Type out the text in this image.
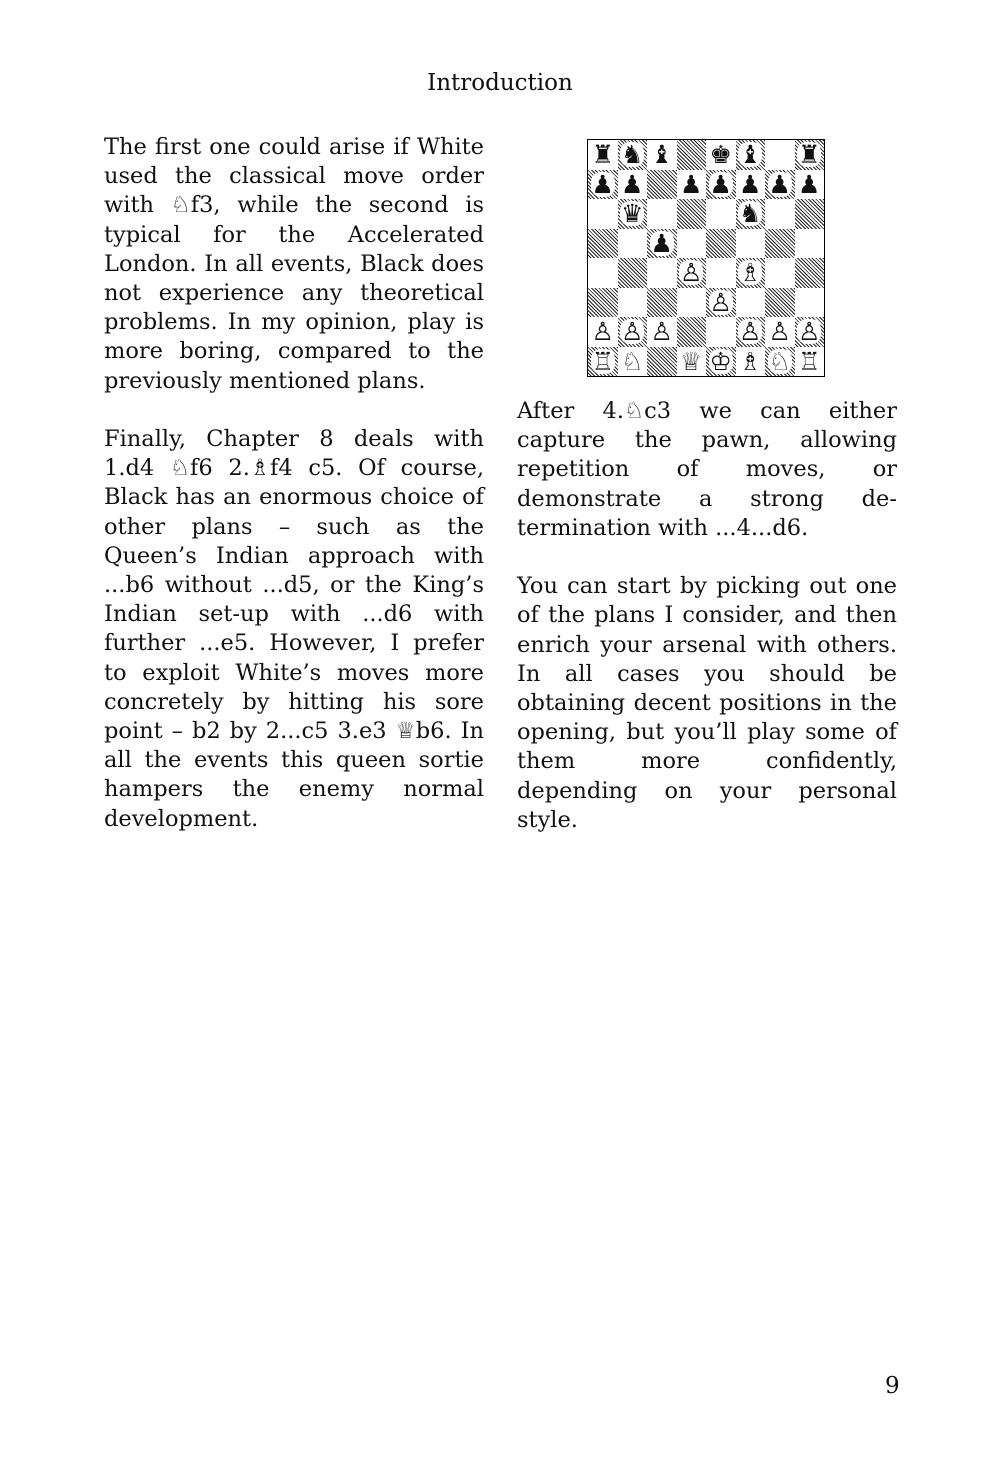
Introduction

The first one could arise if White used the classical move order with ♘f3, while the second is typical for the Accelerated London. In all events, Black does not experience any theoretical problems. In my opinion, play is more boring, compared to the previously mentioned plans.

Finally, Chapter 8 deals with 1.d4 ♘f6 2.♗f4 c5. Of course, Black has an enormous choice of other plans – such as the Queen’s Indian approach with ...b6 without ...d5, or the King’s Indian set-up with ...d6 with further ...e5. However, I prefer to exploit White’s moves more concretely by hitting his sore point – b2 by 2...c5 3.e3 ♕b6. In all the events this queen sortie hampers the enemy normal development.

♜ ♞ ♝ ♚ ♝ ♜
♟ ♟ ♟ ♟ ♟ ♟ ♟
♛	♞
♟
♙ ♗
♙
♙ ♙ ♙	♙ ♙ ♙
♖ ♘ ♕ ♔ ♗ ♘ ♖

After 4.♘c3 we can either capture the pawn, allowing repetition of moves, or demonstrate a strong determination with ...4...d6.

You can start by picking out one of the plans I consider, and then enrich your arsenal with others. In all cases you should be obtaining decent positions in the opening, but you’ll play some of them more confidently, depending on your personal style.

9
